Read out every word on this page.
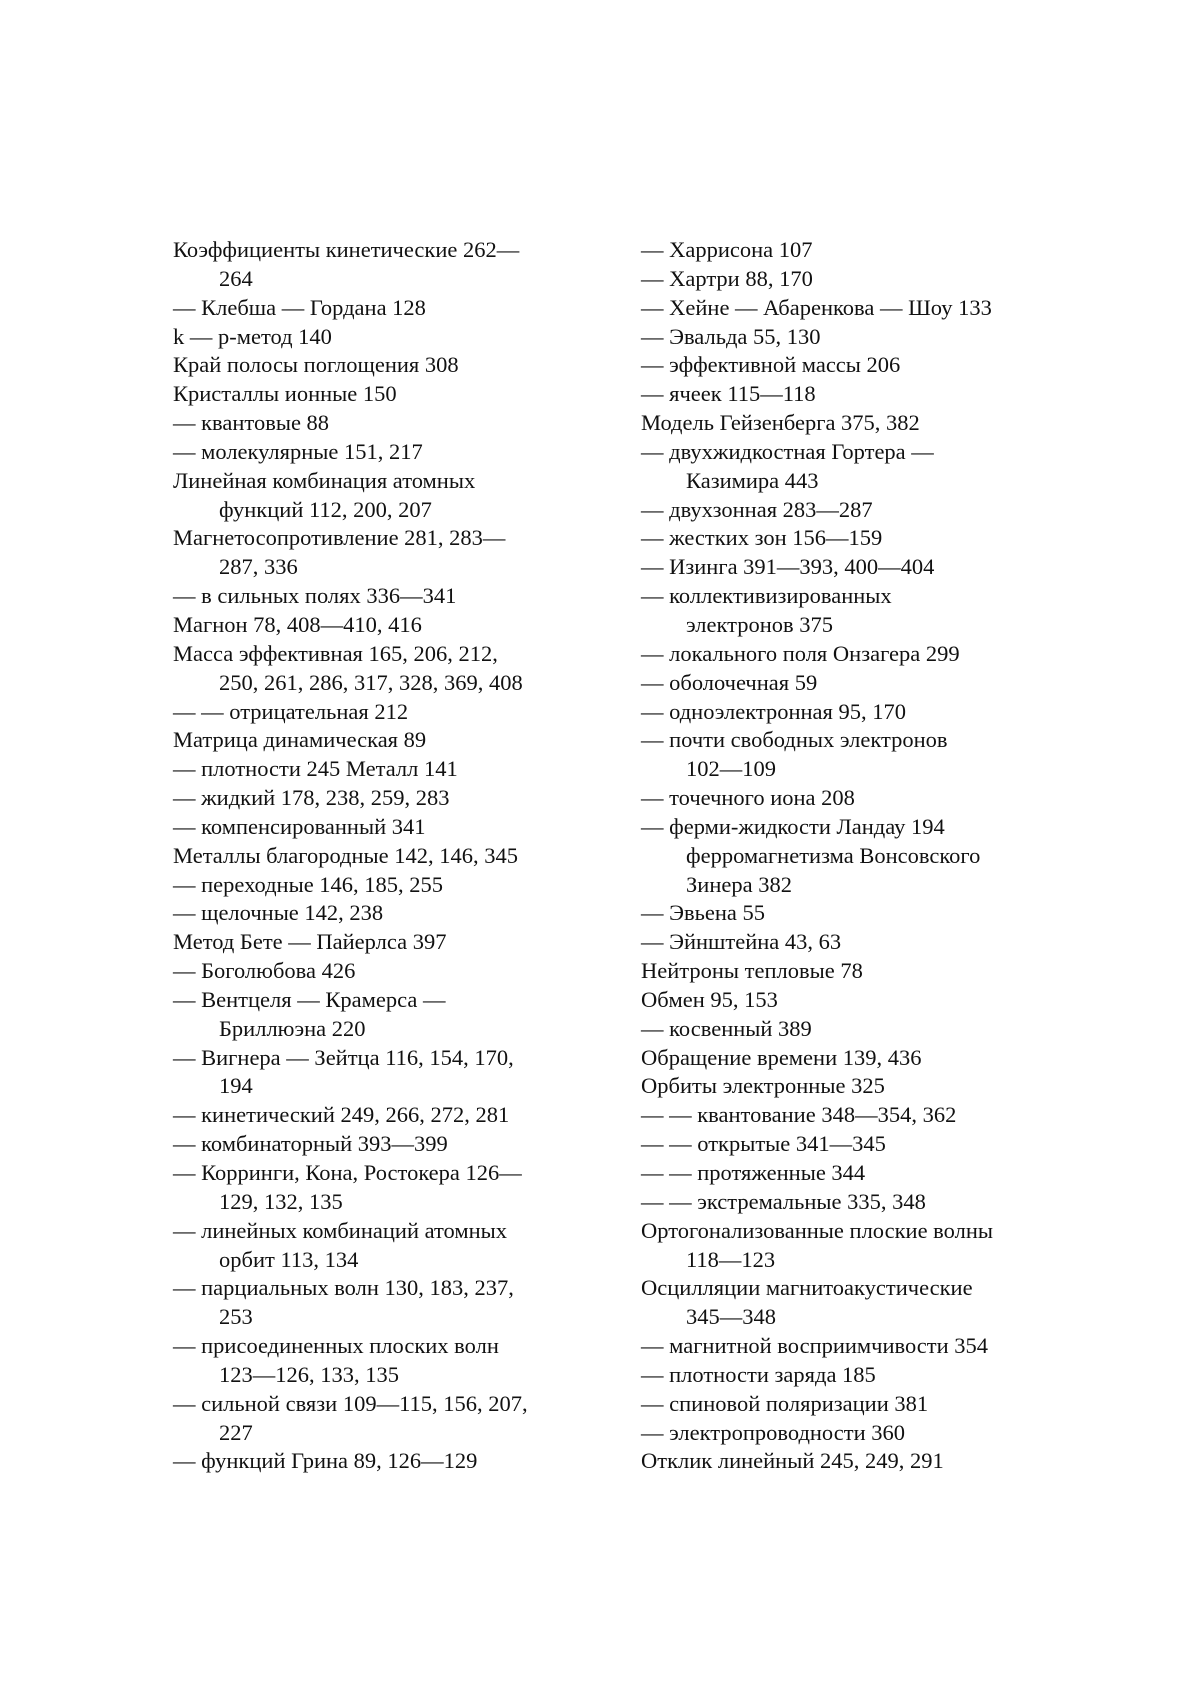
Коэффициенты кинетические 262—
264
— Клебша — Гордана 128
k — p-метод 140
Край полосы поглощения 308
Кристаллы ионные 150
— квантовые 88
— молекулярные 151, 217
Линейная комбинация атомных
функций 112, 200, 207
Магнетосопротивление 281, 283—
287, 336
— в сильных полях 336—341
Магнон 78, 408—410, 416
Масса эффективная 165, 206, 212,
250, 261, 286, 317, 328, 369, 408
— — отрицательная 212
Матрица динамическая 89
— плотности 245 Металл 141
— жидкий 178, 238, 259, 283
— компенсированный 341
Металлы благородные 142, 146, 345
— переходные 146, 185, 255
— щелочные 142, 238
Метод Бете — Пайерлса 397
— Боголюбова 426
— Вентцеля — Крамерса —
Бриллюэна 220
— Вигнера — Зейтца 116, 154, 170,
194
— кинетический 249, 266, 272, 281
— комбинаторный 393—399
— Корринги, Кона, Ростокера 126—
129, 132, 135
— линейных комбинаций атомных
орбит 113, 134
— парциальных волн 130, 183, 237,
253
— присоединенных плоских волн
123—126, 133, 135
— сильной связи 109—115, 156, 207,
227
— функций Грина 89, 126—129
— Харрисона 107
— Хартри 88, 170
— Хейне — Абаренкова — Шоу 133
— Эвальда 55, 130
— эффективной массы 206
— ячеек 115—118
Модель Гейзенберга 375, 382
— двухжидкостная Гортера —
Казимира 443
— двухзонная 283—287
— жестких зон 156—159
— Изинга 391—393, 400—404
— коллективизированных
электронов 375
— локального поля Онзагера 299
— оболочечная 59
— одноэлектронная 95, 170
— почти свободных электронов
102—109
— точечного иона 208
— ферми-жидкости Ландау 194
ферромагнетизма Вонсовского
Зинера 382
— Эвьена 55
— Эйнштейна 43, 63
Нейтроны тепловые 78
Обмен 95, 153
— косвенный 389
Обращение времени 139, 436
Орбиты электронные 325
— — квантование 348—354, 362
— — открытые 341—345
— — протяженные 344
— — экстремальные 335, 348
Ортогонализованные плоские волны
118—123
Осцилляции магнитоакустические
345—348
— магнитной восприимчивости 354
— плотности заряда 185
— спиновой поляризации 381
— электропроводности 360
Отклик линейный 245, 249, 291
